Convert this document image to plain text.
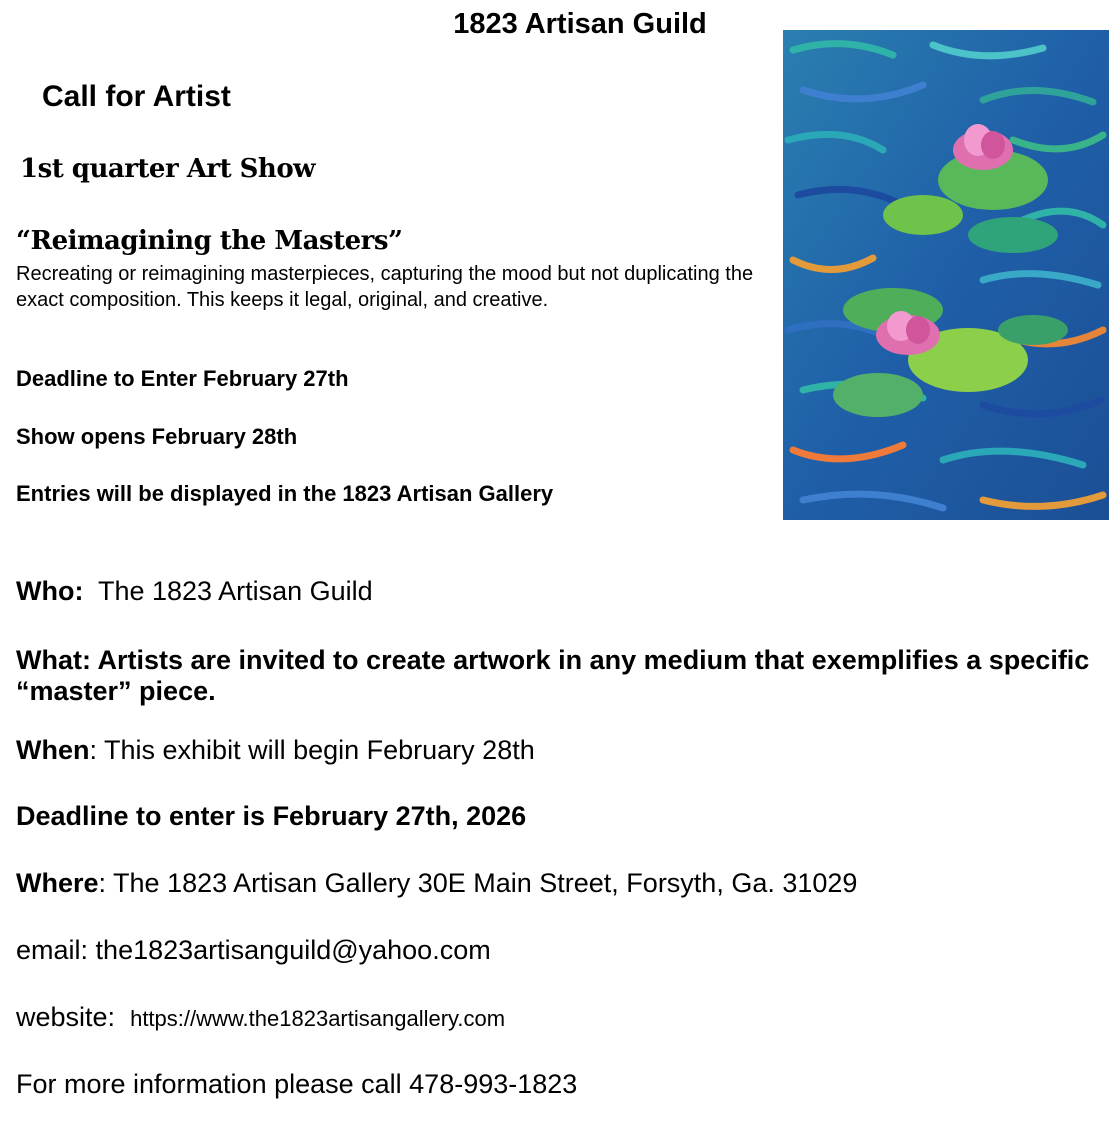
1823 Artisan Guild
Call for Artist
1st quarter Art Show
“Reimagining the Masters”
Recreating or reimagining masterpieces, capturing the mood but not duplicating the exact composition. This keeps it legal, original, and creative.
Deadline to Enter February 27th
Show opens February 28th
Entries will be displayed in the 1823 Artisan Gallery
Who: The 1823 Artisan Guild
What: Artists are invited to create artwork in any medium that exemplifies a specific “master” piece.
When: This exhibit will begin February 28th
Deadline to enter is February 27th, 2026
Where: The 1823 Artisan Gallery 30E Main Street, Forsyth, Ga. 31029
email: the1823artisanguild@yahoo.com
website: https://www.the1823artisangallery.com
For more information please call 478-993-1823
